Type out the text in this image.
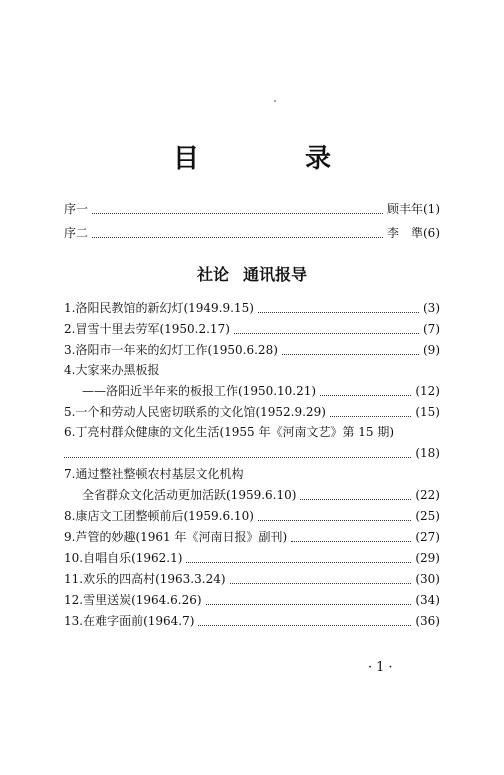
目　录
序一	顾丰年(1)
序二	李　準(6)
社论 通讯报导
1.洛阳民教馆的新幻灯(1949.9.15)	(3)
2.冒雪十里去劳军(1950.2.17)	(7)
3.洛阳市一年来的幻灯工作(1950.6.28)	(9)
4.大家来办黑板报
——洛阳近半年来的板报工作(1950.10.21)	(12)
5.一个和劳动人民密切联系的文化馆(1952.9.29)	(15)
6.丁亮村群众健康的文化生活(1955 年《河南文艺》第 15 期)
(18)
7.通过整社整顿农村基层文化机构
全省群众文化活动更加活跃(1959.6.10)	(22)
8.康店文工团整顿前后(1959.6.10)	(25)
9.芦管的妙趣(1961 年《河南日报》副刊)	(27)
10.自唱自乐(1962.1)	(29)
11.欢乐的四高村(1963.3.24)	(30)
12.雪里送炭(1964.6.26)	(34)
13.在难字面前(1964.7)	(36)
·1·
